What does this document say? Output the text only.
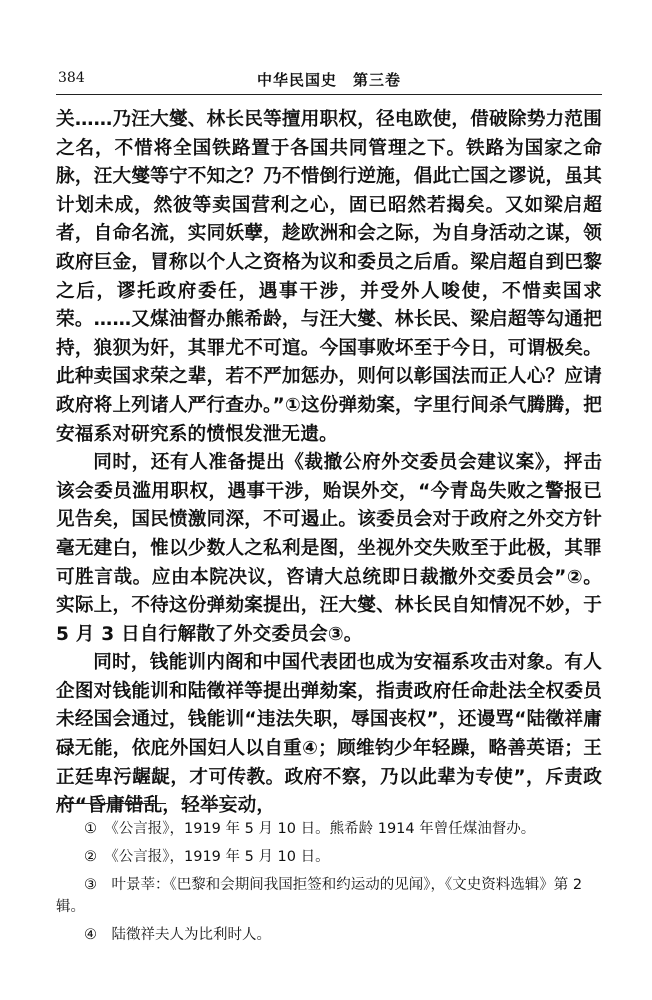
384	中华民国史　第三卷

关……乃汪大燮、林长民等擅用职权，径电欧使，借破除势力范围之名，不惜将全国铁路置于各国共同管理之下。铁路为国家之命脉，汪大燮等宁不知之？乃不惜倒行逆施，倡此亡国之谬说，虽其计划未成，然彼等卖国营利之心，固已昭然若揭矣。又如梁启超者，自命名流，实同妖孽，趁欧洲和会之际，为自身活动之谋，领政府巨金，冒称以个人之资格为议和委员之后盾。梁启超自到巴黎之后，谬托政府委任，遇事干涉，并受外人唆使，不惜卖国求荣。……又煤油督办熊希龄，与汪大燮、林长民、梁启超等勾通把持，狼狈为奸，其罪尤不可逭。今国事败坏至于今日，可谓极矣。此种卖国求荣之辈，若不严加惩办，则何以彰国法而正人心？应请政府将上列诸人严行查办。”①这份弹劾案，字里行间杀气腾腾，把安福系对研究系的愤恨发泄无遗。

同时，还有人准备提出《裁撤公府外交委员会建议案》，抨击该会委员滥用职权，遇事干涉，贻误外交，“今青岛失败之警报已见告矣，国民愤激同深，不可遏止。该委员会对于政府之外交方针毫无建白，惟以少数人之私利是图，坐视外交失败至于此极，其罪可胜言哉。应由本院决议，咨请大总统即日裁撤外交委员会”②。实际上，不待这份弹劾案提出，汪大燮、林长民自知情况不妙，于 5 月 3 日自行解散了外交委员会③。

同时，钱能训内阁和中国代表团也成为安福系攻击对象。有人企图对钱能训和陆徵祥等提出弹劾案，指责政府任命赴法全权委员未经国会通过，钱能训“违法失职，辱国丧权”，还谩骂“陆徵祥庸碌无能，依庇外国妇人以自重④；顾维钧少年轻躁，略善英语；王正廷卑污龌龊，才可传教。政府不察，乃以此辈为专使”，斥责政府“昏庸错乱，轻举妄动，

①　《公言报》，1919 年 5 月 10 日。熊希龄 1914 年曾任煤油督办。

②　《公言报》，1919 年 5 月 10 日。

③　叶景莘：《巴黎和会期间我国拒签和约运动的见闻》，《文史资料选辑》第 2 辑。

④　陆徵祥夫人为比利时人。
